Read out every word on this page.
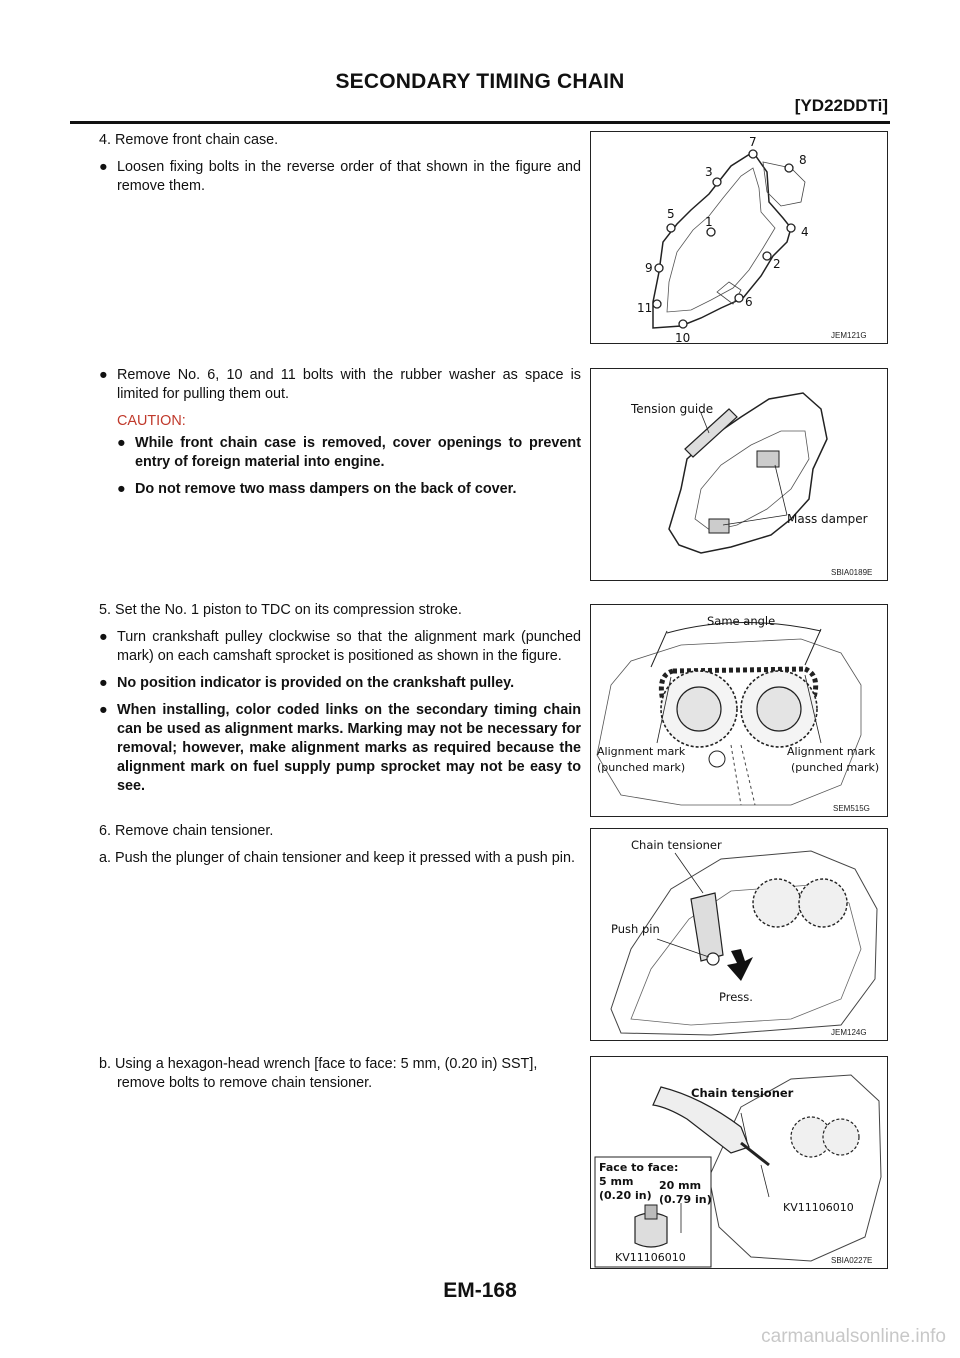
SECONDARY TIMING CHAIN
[YD22DDTi]
4. Remove front chain case.
● Loosen fixing bolts in the reverse order of that shown in the figure and remove them.
● Remove No. 6, 10 and 11 bolts with the rubber washer as space is limited for pulling them out.
CAUTION:
● While front chain case is removed, cover openings to prevent entry of foreign material into engine.
● Do not remove two mass dampers on the back of cover.
5. Set the No. 1 piston to TDC on its compression stroke.
● Turn crankshaft pulley clockwise so that the alignment mark (punched mark) on each camshaft sprocket is positioned as shown in the figure.
● No position indicator is provided on the crankshaft pulley.
● When installing, color coded links on the secondary timing chain can be used as alignment marks. Marking may not be necessary for removal; however, make alignment marks as required because the alignment mark on fuel supply pump sprocket may not be easy to see.
6. Remove chain tensioner.
a. Push the plunger of chain tensioner and keep it pressed with a push pin.
b. Using a hexagon-head wrench [face to face: 5 mm, (0.20 in) SST], remove bolts to remove chain tensioner.
7
8
3
1
5
4
9	2
11	6
10	JEM121G
Tension guide
Mass damper
SBIA0189E
Same angle
Alignment mark
(punched mark)
Alignment mark
(punched mark)
SEM515G
Chain tensioner
Push pin
Press.
JEM124G
Chain tensioner
Face to face:
5 mm
(0.20 in)
20 mm
(0.79 in)
KV11106010
KV11106010
SBIA0227E
EM-168
carmanualsonline.info
